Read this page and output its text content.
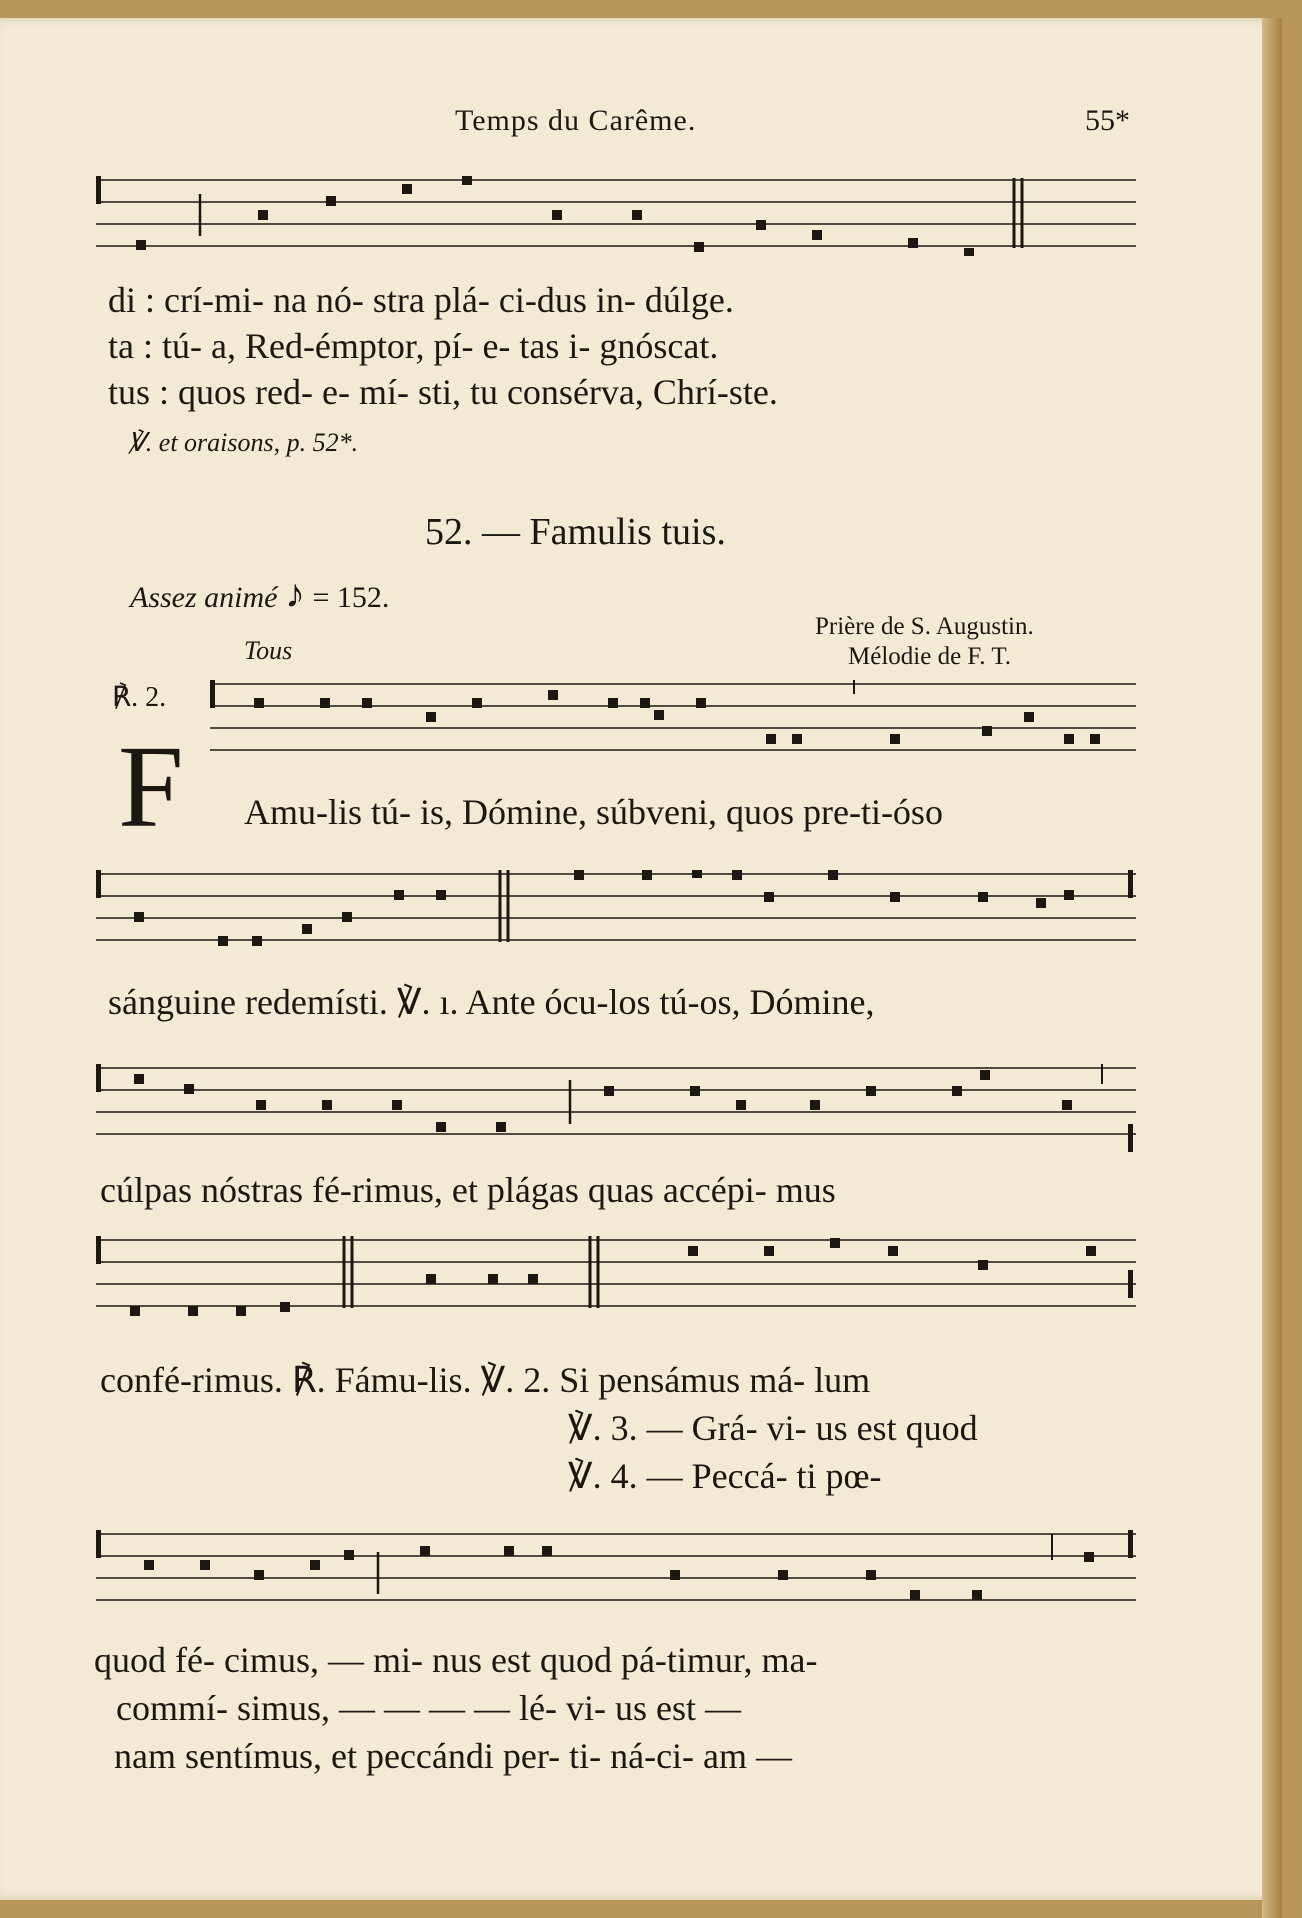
Temps du Carême.	55*
di : crí-mi- na nó- stra plá- ci-dus in- dúlge.
ta : tú- a, Red-émptor, pí- e- tas i- gnóscat.
tus : quos red- e- mí- sti, tu consérva, Chrí-ste.
℣. et oraisons, p. 52*.
52. — Famulis tuis.
Assez animé ♪ = 152.
Prière de S. Augustin.
Mélodie de F. T.
Tous
℟. 2.
F Amu-lis tú- is, Dómine, súbveni, quos pre-ti-óso
sánguine redemísti. ℣. ı. Ante ócu-los tú-os, Dómine,
cúlpas nóstras fé-rimus, et plágas quas accépi- mus
confé-rimus. ℟. Fámu-lis. ℣. 2. Si pensámus má- lum
℣. 3. — Grá- vi- us est quod
℣. 4. — Peccá- ti pœ-
quod fé- cimus, — mi- nus est quod pá-timur, ma-
commí- simus, — — — — lé- vi- us est —
nam sentímus, et peccándi per- ti- ná-ci- am —
